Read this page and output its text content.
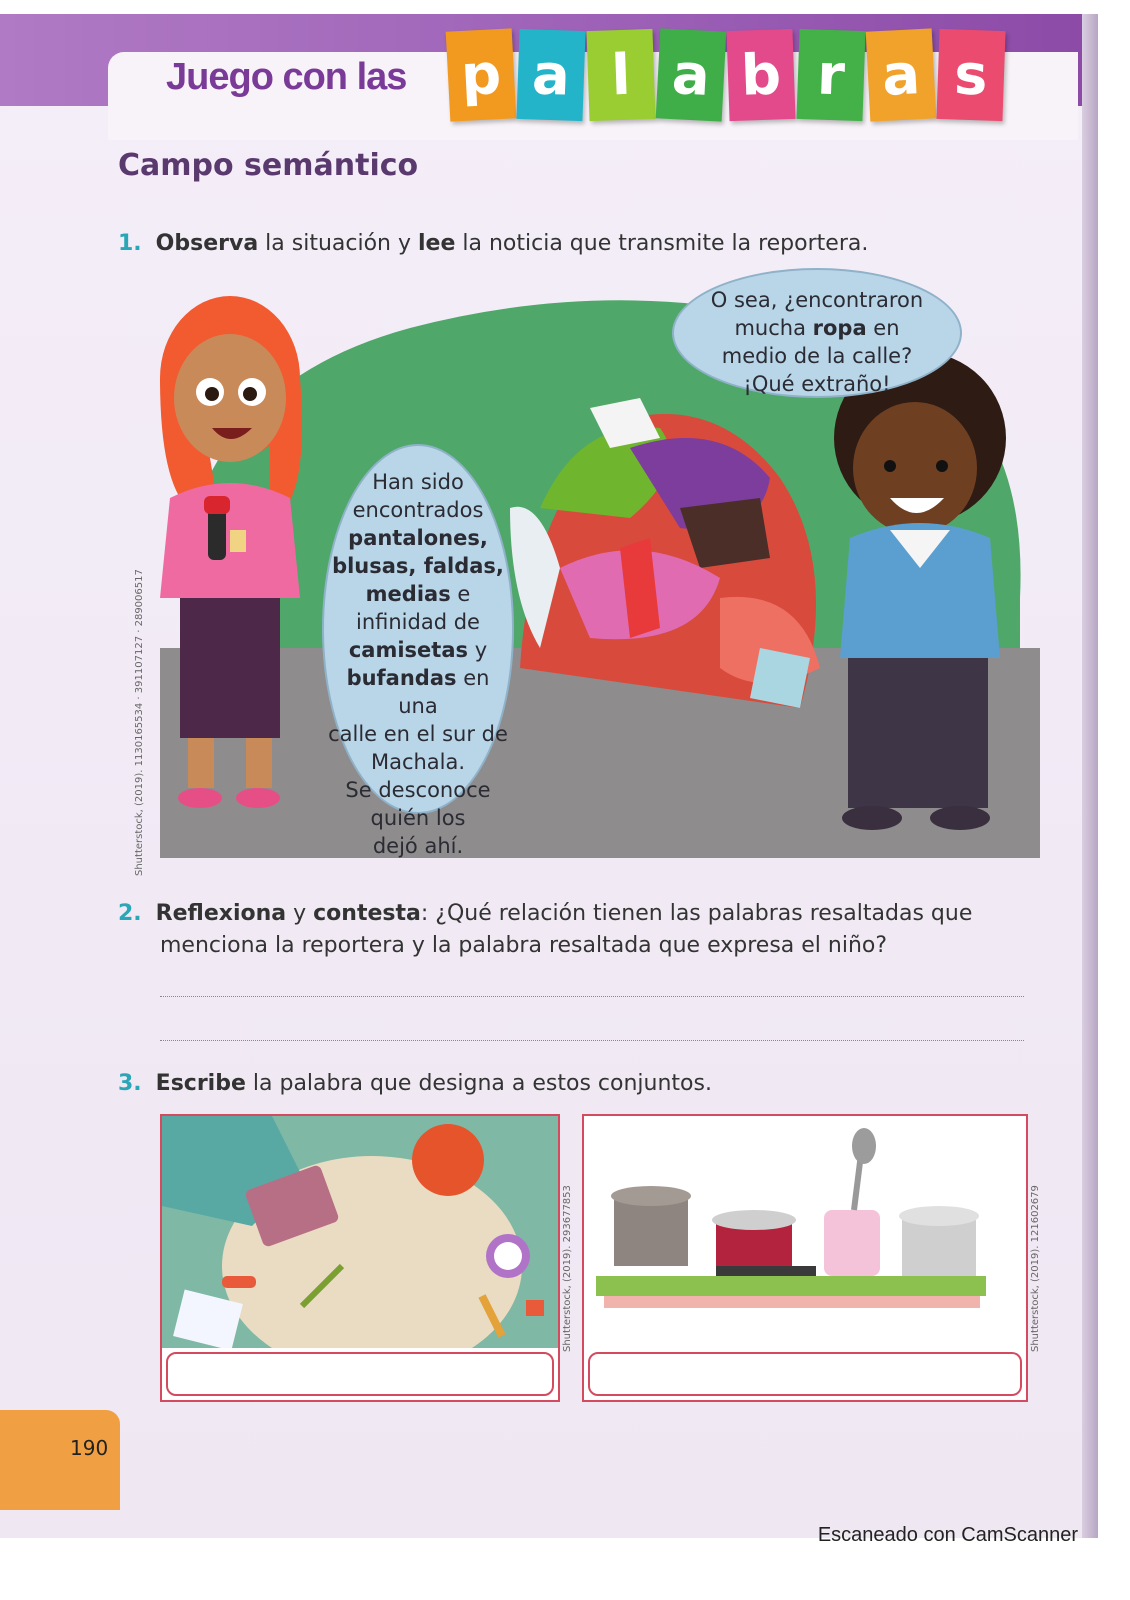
Juego con las p a l a b r a s
Campo semántico
1. Observa la situación y lee la noticia que transmite la reportera.

Han sido

encontrados

pantalones,

blusas, faldas,

medias e

infinidad de

camisetas y

bufandas en una

calle en el sur de

Machala.

Se desconoce

quién los

dejó ahí.

O sea, ¿encontraron

mucha ropa en

medio de la calle?

¡Qué extraño!

Shutterstock, (2019). 1130165534 · 391107127 · 289006517
2. Reflexiona y contesta: ¿Qué relación tienen las palabras resaltadas que
menciona la reportera y la palabra resaltada que expresa el niño?
3. Escribe la palabra que designa a estos conjuntos.
Shutterstock, (2019). 293677853	Shutterstock, (2019). 121602679
190
Escaneado con CamScanner
